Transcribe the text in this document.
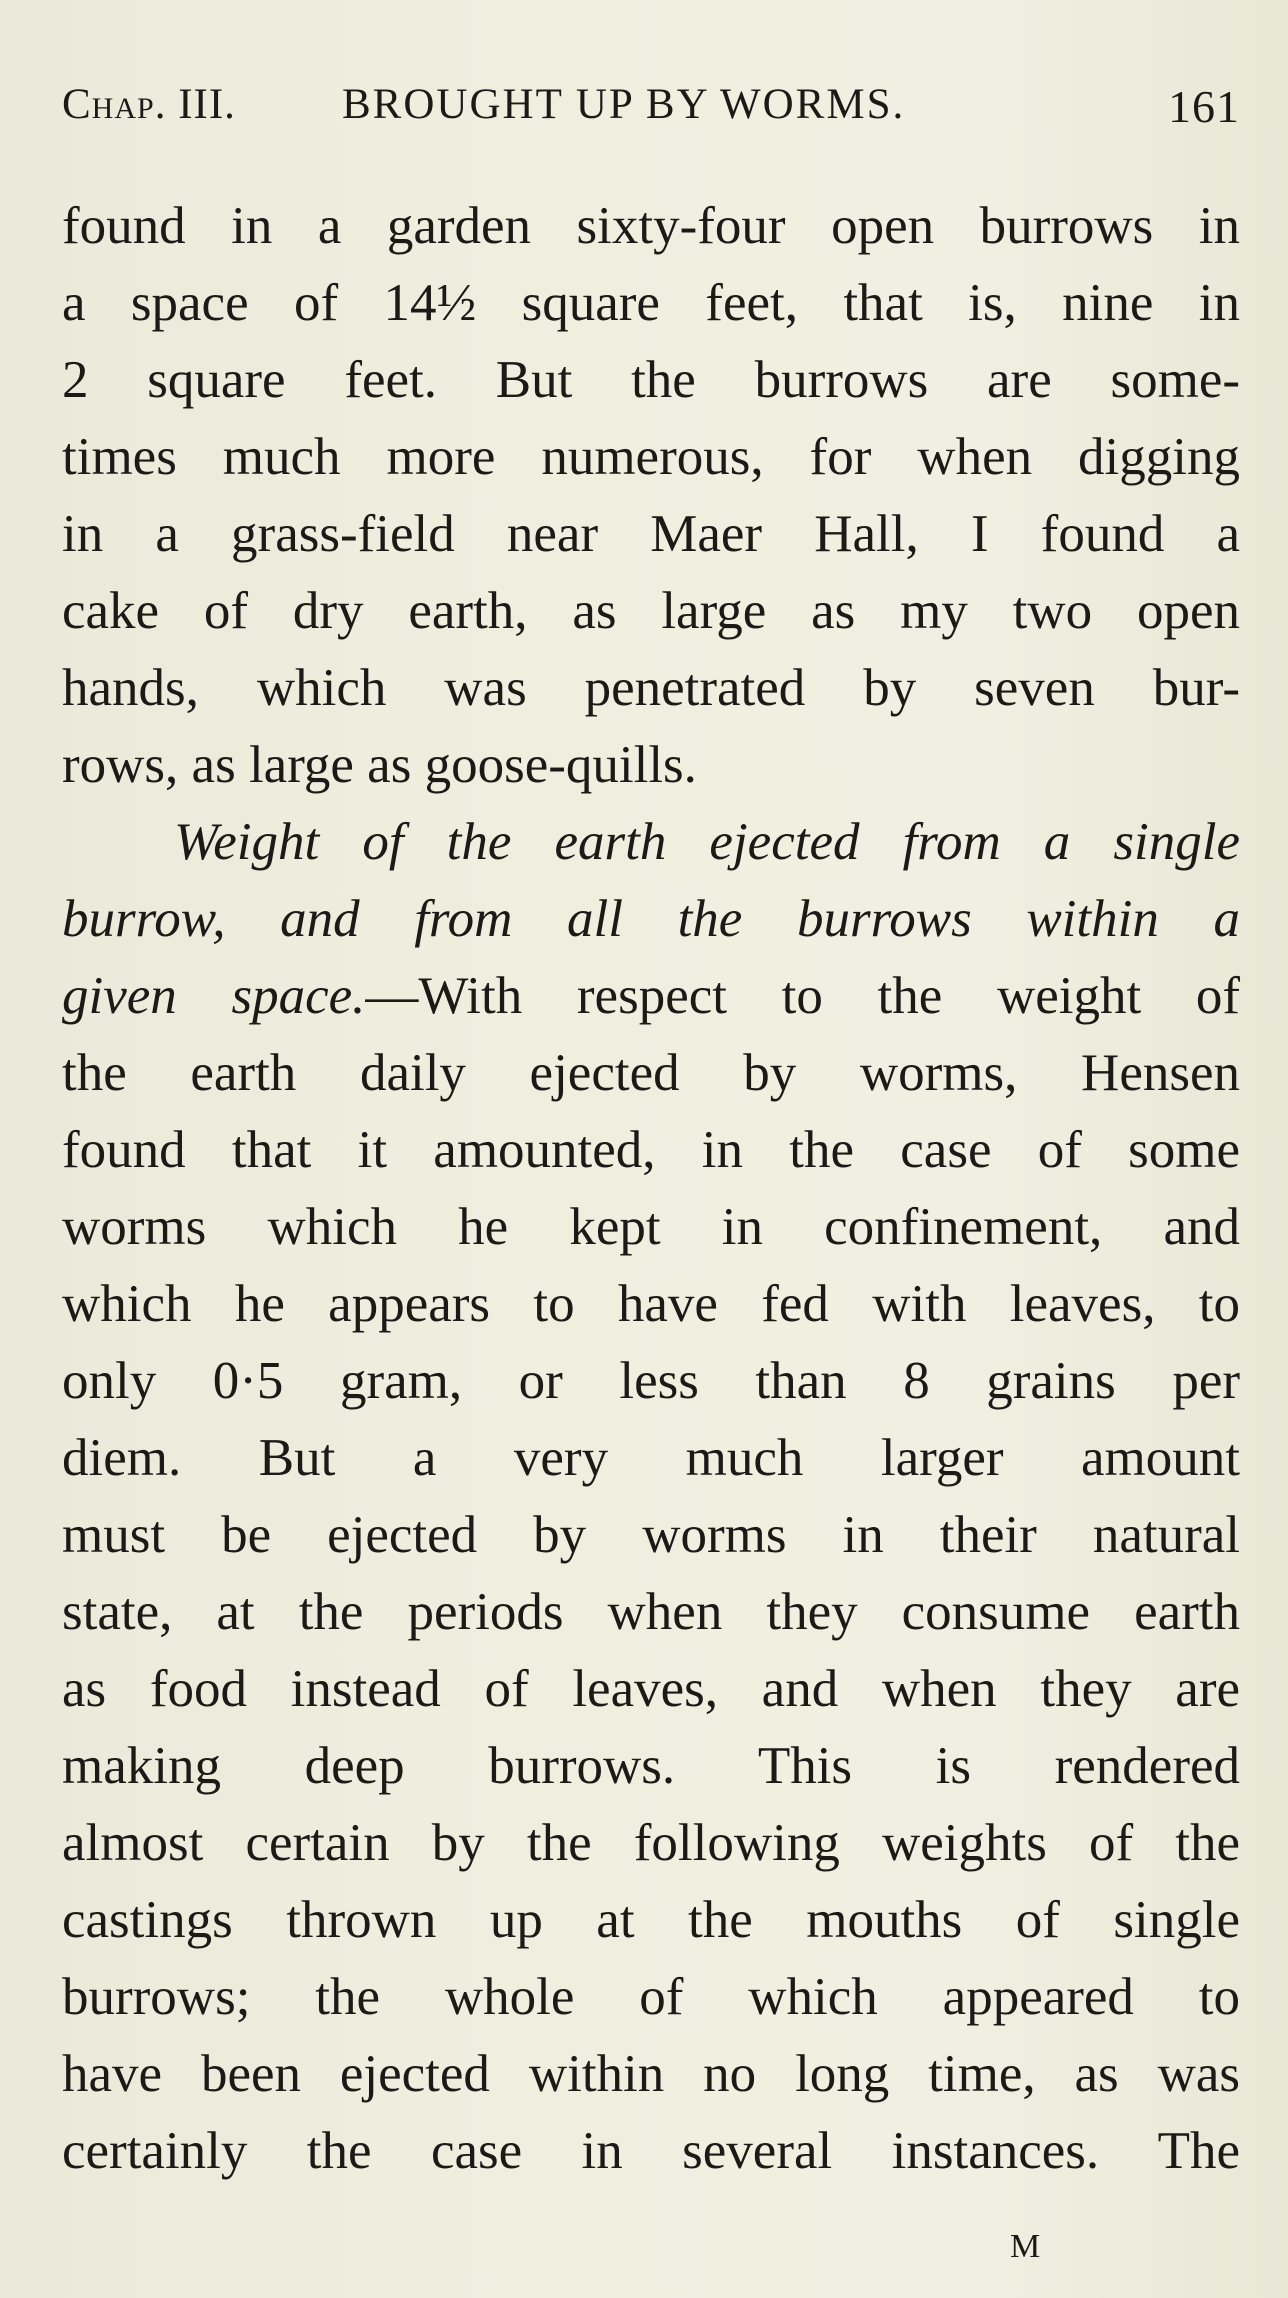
Chap. III. BROUGHT UP BY WORMS.	161
found in a garden sixty-four open burrows in
a space of 14½ square feet, that is, nine in
2 square feet. But the burrows are some-
times much more numerous, for when digging
in a grass-field near Maer Hall, I found a
cake of dry earth, as large as my two open
hands, which was penetrated by seven bur-
rows, as large as goose-quills.
Weight of the earth ejected from a single
burrow, and from all the burrows within a
given space.—With respect to the weight of
the earth daily ejected by worms, Hensen
found that it amounted, in the case of some
worms which he kept in confinement, and
which he appears to have fed with leaves, to
only 0·5 gram, or less than 8 grains per
diem. But a very much larger amount
must be ejected by worms in their natural
state, at the periods when they consume earth
as food instead of leaves, and when they are
making deep burrows. This is rendered
almost certain by the following weights of the
castings thrown up at the mouths of single
burrows; the whole of which appeared to
have been ejected within no long time, as was
certainly the case in several instances. The
M
